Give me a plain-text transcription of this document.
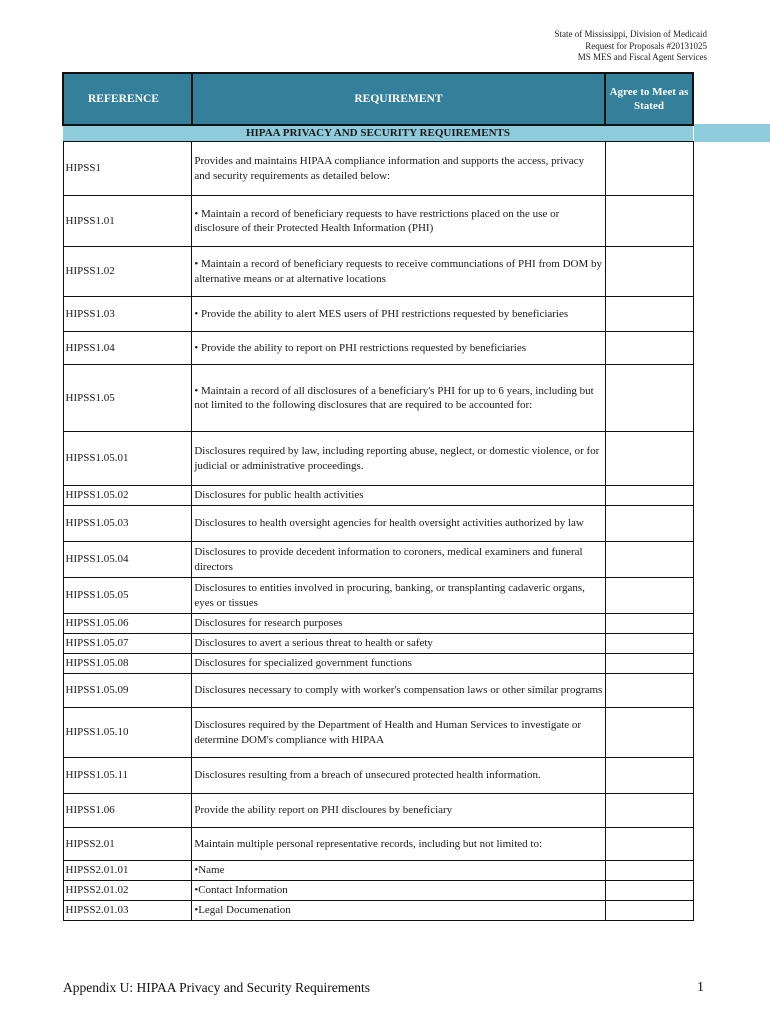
State of Mississippi, Division of Medicaid
Request for Proposals #20131025
MS MES and Fiscal Agent Services
REFERENCE	REQUIREMENT	Agree to Meet as
Stated

HIPAA PRIVACY AND SECURITY REQUIREMENTS		
HIPSS1	Provides and maintains HIPAA compliance information and supports the access, privacy and security requirements as detailed below:	
HIPSS1.01	• Maintain a record of beneficiary requests to have restrictions placed on the use or disclosure of their Protected Health Information (PHI)	
HIPSS1.02	• Maintain a record of beneficiary requests to receive communciations of PHI from DOM by alternative means or at alternative locations	
HIPSS1.03	• Provide the ability to alert MES users of PHI restrictions requested by beneficiaries	
HIPSS1.04	• Provide the ability to report on PHI restrictions requested by beneficiaries	
HIPSS1.05	• Maintain a record of all disclosures of a beneficiary's PHI for up to 6 years, including but not limited to the following disclosures that are required to be accounted for:	
HIPSS1.05.01	Disclosures required by law, including reporting abuse, neglect, or domestic violence, or for judicial or administrative proceedings.	
HIPSS1.05.02	Disclosures for public health activities	
HIPSS1.05.03	Disclosures to health oversight agencies for health oversight activities authorized by law	
HIPSS1.05.04	Disclosures to provide decedent information to coroners, medical examiners and funeral directors	
HIPSS1.05.05	Disclosures to entities involved in procuring, banking, or transplanting cadaveric organs, eyes or tissues	
HIPSS1.05.06	Disclosures for research purposes	
HIPSS1.05.07	Disclosures to avert a serious threat to health or safety	
HIPSS1.05.08	Disclosures for specialized government functions	
HIPSS1.05.09	Disclosures necessary to comply with worker's compensation laws or other similar programs	
HIPSS1.05.10	Disclosures required by the Department of Health and Human Services to investigate or determine DOM's compliance with HIPAA	
HIPSS1.05.11	Disclosures resulting from a breach of unsecured protected health information.	
HIPSS1.06	Provide the ability report on PHI discloures by beneficiary	
HIPSS2.01	Maintain multiple personal representative records, including but not limited to:	
HIPSS2.01.01	•Name	
HIPSS2.01.02	•Contact Information	
HIPSS2.01.03	•Legal Documenation	
Appendix U: HIPAA Privacy and Security Requirements	1
